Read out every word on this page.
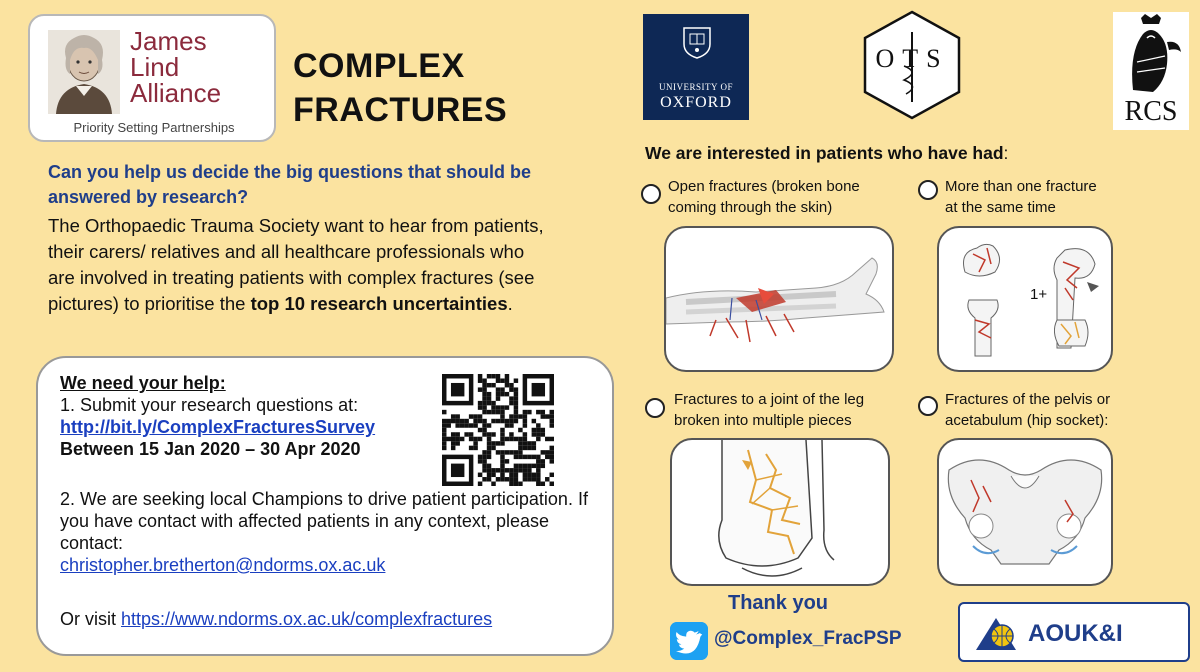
James
Lind
Alliance
Priority Setting Partnerships
COMPLEX
FRACTURES
Can you help us decide the big questions that should be answered by research?
The Orthopaedic Trauma Society want to hear from patients, their carers/ relatives and all healthcare professionals who are involved in treating patients with complex fractures (see pictures) to prioritise the top 10 research uncertainties.
We need your help:
1. Submit your research questions at:
http://bit.ly/ComplexFracturesSurvey
Between 15 Jan 2020 – 30 Apr 2020
2. We are seeking local Champions to drive patient participation. If you have contact with affected patients in any context, please contact:
christopher.bretherton@ndorms.ox.ac.uk
Or visit https://www.ndorms.ox.ac.uk/complexfractures
UNIVERSITY OF
OXFORD
OTS
RCS
We are interested in patients who have had:
Open fractures (broken bone
coming through the skin)
More than one fracture
at the same time
Fractures to a joint of the leg
broken into multiple pieces
Fractures of the pelvis or
acetabulum (hip socket):
1+
Thank you
@Complex_FracPSP	AOUK&I
